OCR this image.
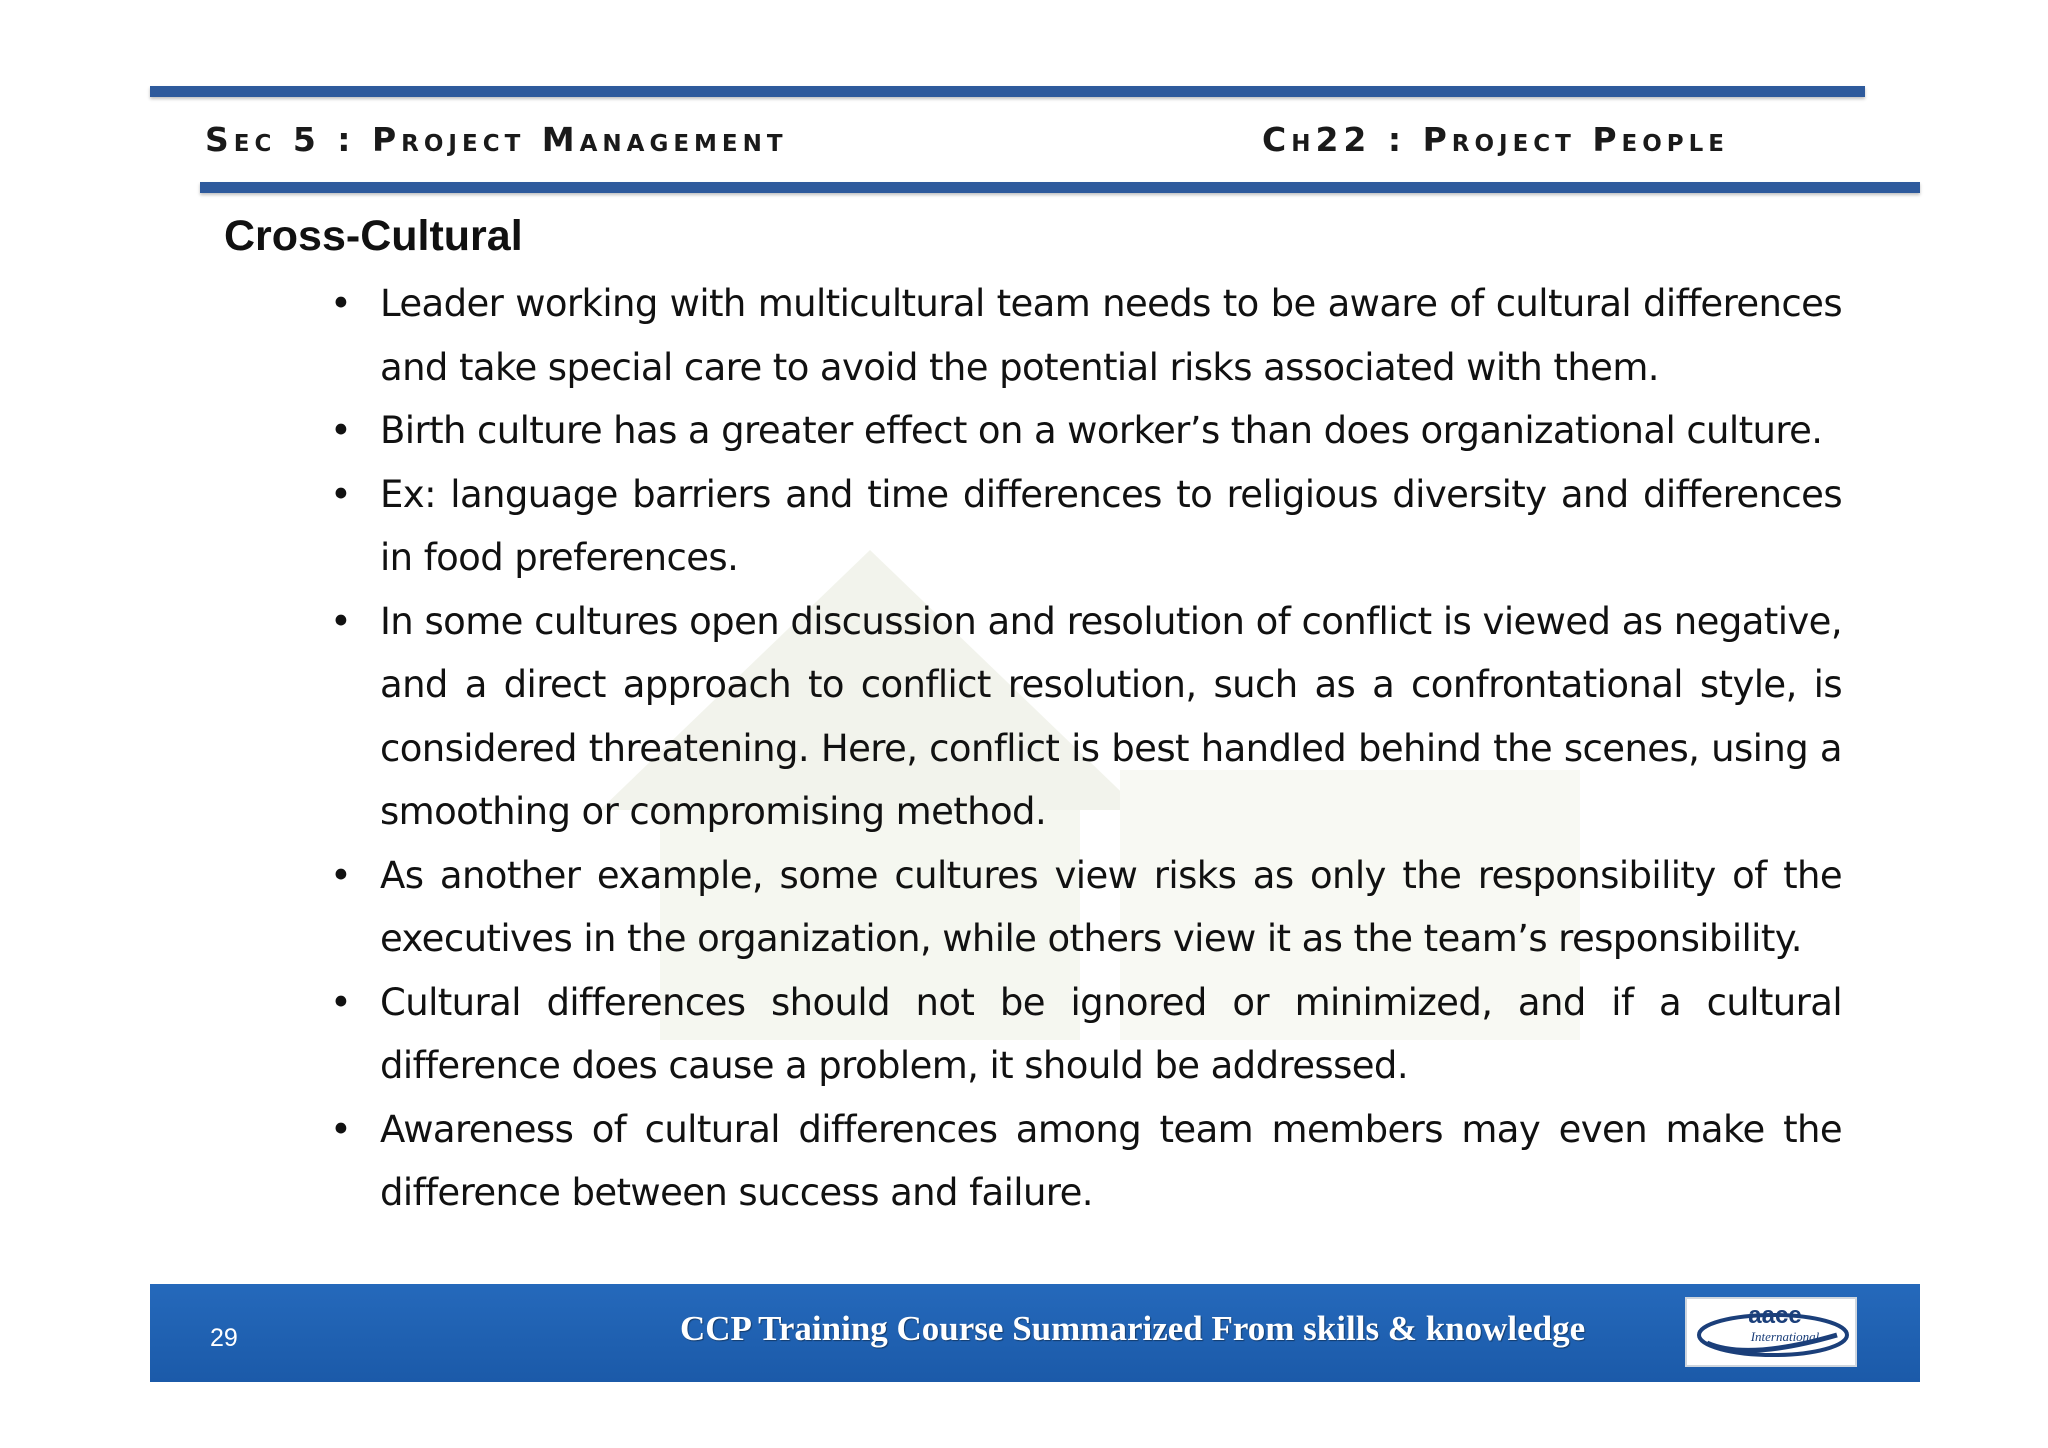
Sec 5 : Project Management	Ch22 : Project People
Cross-Cultural
• Leader working with multicultural team needs to be aware of cultural differences and take special care to avoid the potential risks associated with them.
• Birth culture has a greater effect on a worker’s than does organizational culture.
• Ex: language barriers and time differences to religious diversity and differences in food preferences.
• In some cultures open discussion and resolution of conflict is viewed as negative, and a direct approach to conflict resolution, such as a confrontational style, is considered threatening. Here, conflict is best handled behind the scenes, using a smoothing or compromising method.
• As another example, some cultures view risks as only the responsibility of the executives in the organization, while others view it as the team’s responsibility.
• Cultural differences should not be ignored or minimized, and if a cultural difference does cause a problem, it should be addressed.
• Awareness of cultural differences among team members may even make the difference between success and failure.
29	CCP Training Course Summarized From skills & knowledge	aace
International
